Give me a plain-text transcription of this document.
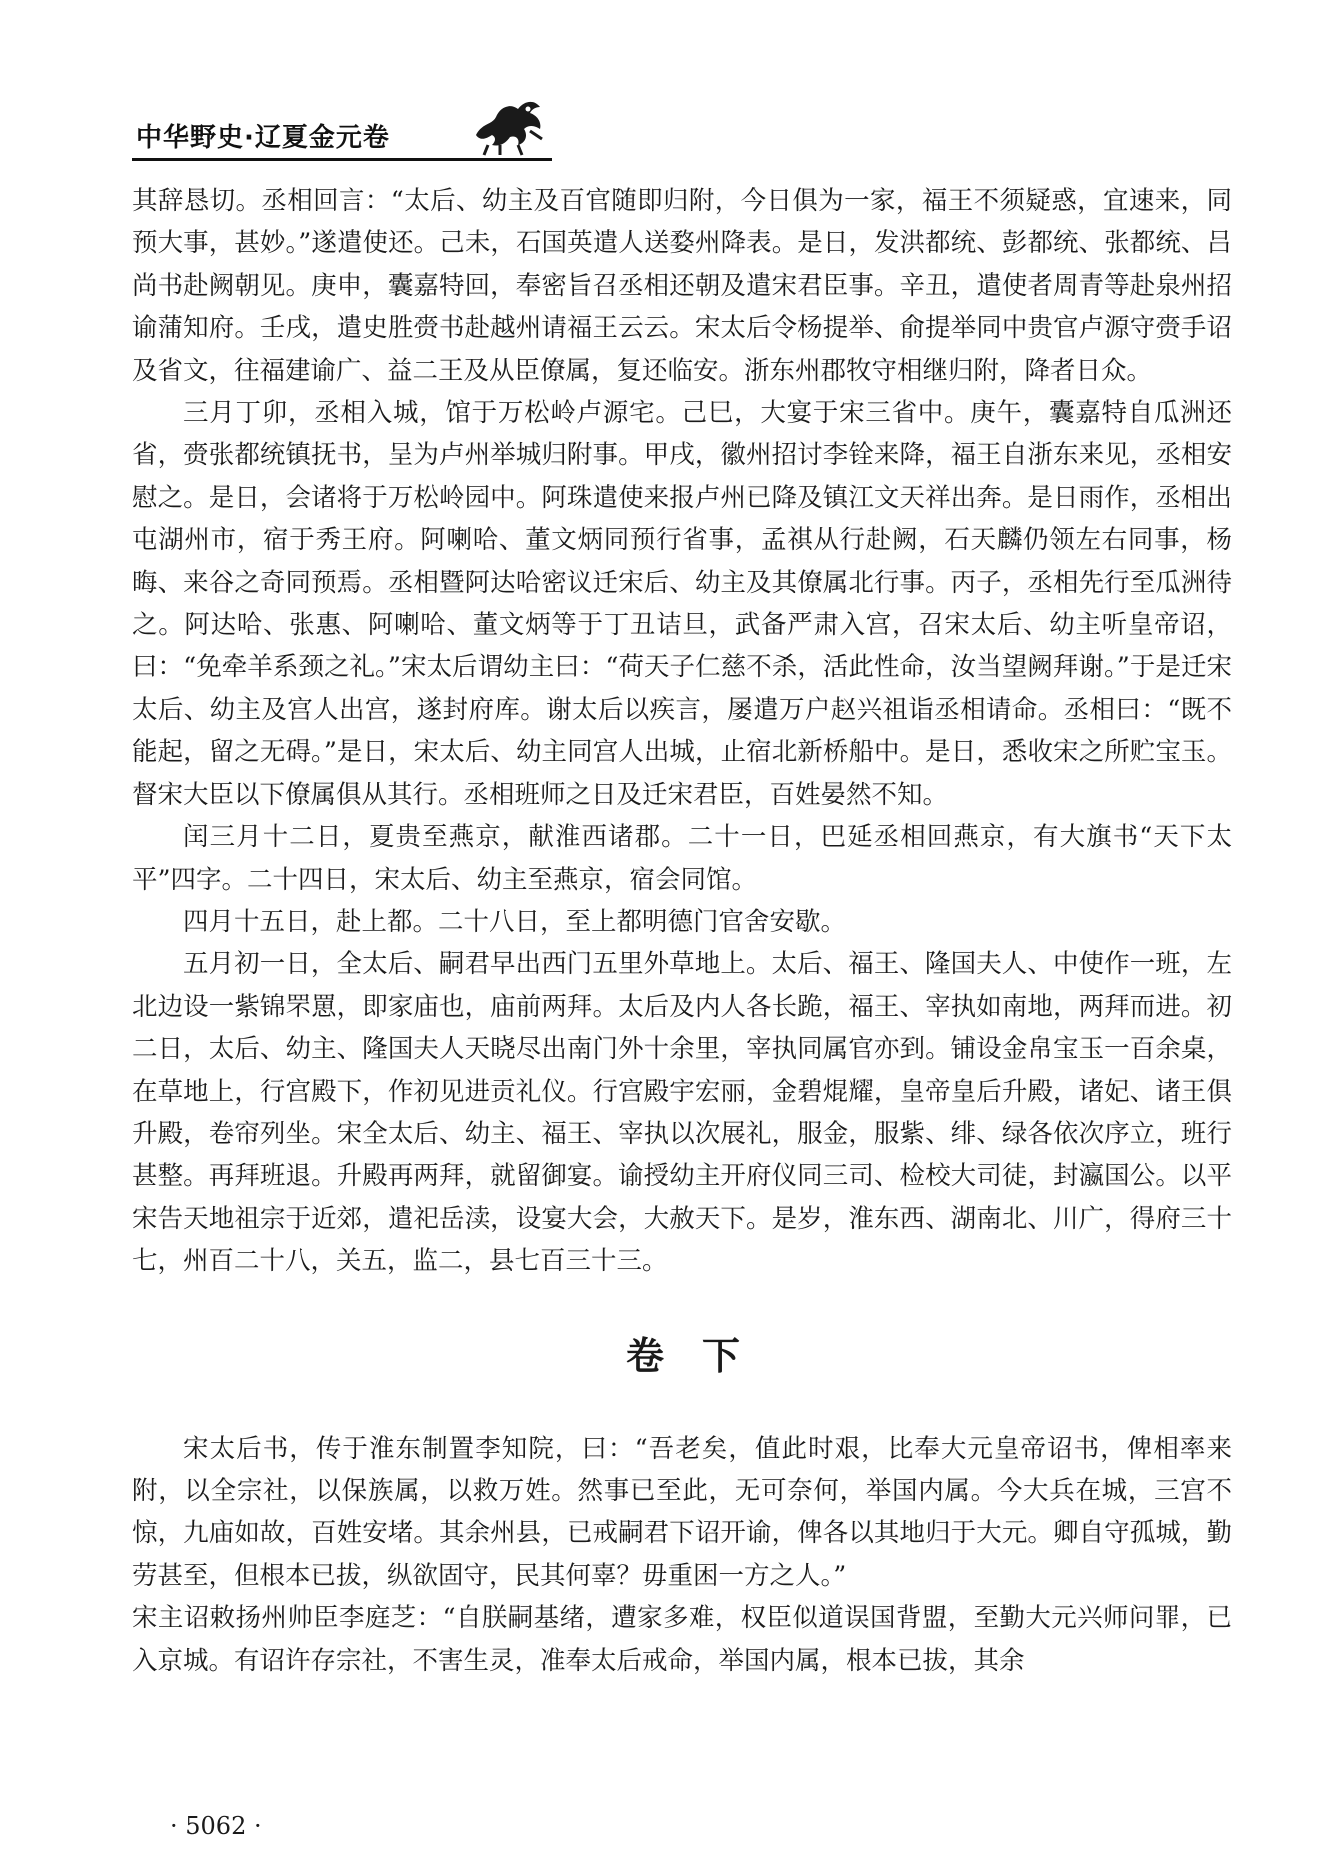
中华野史·辽夏金元卷

其辞恳切。丞相回言：“太后、幼主及百官随即归附，今日俱为一家，福王不须疑惑，宜速来，同预大事，甚妙。”遂遣使还。己未，石国英遣人送婺州降表。是日，发洪都统、彭都统、张都统、吕尚书赴阙朝见。庚申，囊嘉特回，奉密旨召丞相还朝及遣宋君臣事。辛丑，遣使者周青等赴泉州招谕蒲知府。壬戌，遣史胜赍书赴越州请福王云云。宋太后令杨提举、俞提举同中贵官卢源守赍手诏及省文，往福建谕广、益二王及从臣僚属，复还临安。浙东州郡牧守相继归附，降者日众。

三月丁卯，丞相入城，馆于万松岭卢源宅。己巳，大宴于宋三省中。庚午，囊嘉特自瓜洲还省，赍张都统镇抚书，呈为卢州举城归附事。甲戌，徽州招讨李铨来降，福王自浙东来见，丞相安慰之。是日，会诸将于万松岭园中。阿珠遣使来报卢州已降及镇江文天祥出奔。是日雨作，丞相出屯湖州市，宿于秀王府。阿喇哈、董文炳同预行省事，孟祺从行赴阙，石天麟仍领左右同事，杨晦、来谷之奇同预焉。丞相暨阿达哈密议迁宋后、幼主及其僚属北行事。丙子，丞相先行至瓜洲待之。阿达哈、张惠、阿喇哈、董文炳等于丁丑诘旦，武备严肃入宫，召宋太后、幼主听皇帝诏，曰：“免牵羊系颈之礼。”宋太后谓幼主曰：“荷天子仁慈不杀，活此性命，汝当望阙拜谢。”于是迁宋太后、幼主及宫人出宫，遂封府库。谢太后以疾言，屡遣万户赵兴祖诣丞相请命。丞相曰：“既不能起，留之无碍。”是日，宋太后、幼主同宫人出城，止宿北新桥船中。是日，悉收宋之所贮宝玉。督宋大臣以下僚属俱从其行。丞相班师之日及迁宋君臣，百姓晏然不知。

闰三月十二日，夏贵至燕京，献淮西诸郡。二十一日，巴延丞相回燕京，有大旗书“天下太平”四字。二十四日，宋太后、幼主至燕京，宿会同馆。

四月十五日，赴上都。二十八日，至上都明德门官舍安歇。

五月初一日，全太后、嗣君早出西门五里外草地上。太后、福王、隆国夫人、中使作一班，左北边设一紫锦罘罳，即家庙也，庙前两拜。太后及内人各长跪，福王、宰执如南地，两拜而进。初二日，太后、幼主、隆国夫人天晓尽出南门外十余里，宰执同属官亦到。铺设金帛宝玉一百余桌，在草地上，行宫殿下，作初见进贡礼仪。行宫殿宇宏丽，金碧焜耀，皇帝皇后升殿，诸妃、诸王俱升殿，卷帘列坐。宋全太后、幼主、福王、宰执以次展礼，服金，服紫、绯、绿各依次序立，班行甚整。再拜班退。升殿再两拜，就留御宴。谕授幼主开府仪同三司、检校大司徒，封瀛国公。以平宋告天地祖宗于近郊，遣祀岳渎，设宴大会，大赦天下。是岁，淮东西、湖南北、川广，得府三十七，州百二十八，关五，监二，县七百三十三。

卷下

宋太后书，传于淮东制置李知院，曰：“吾老矣，值此时艰，比奉大元皇帝诏书，俾相率来附，以全宗社，以保族属，以救万姓。然事已至此，无可奈何，举国内属。今大兵在城，三宫不惊，九庙如故，百姓安堵。其余州县，已戒嗣君下诏开谕，俾各以其地归于大元。卿自守孤城，勤劳甚至，但根本已拔，纵欲固守，民其何辜？毋重困一方之人。”

宋主诏敕扬州帅臣李庭芝：“自朕嗣基绪，遭家多难，权臣似道误国背盟，至勤大元兴师问罪，已入京城。有诏许存宗社，不害生灵，准奉太后戒命，举国内属，根本已拔，其余

· 5062 ·
